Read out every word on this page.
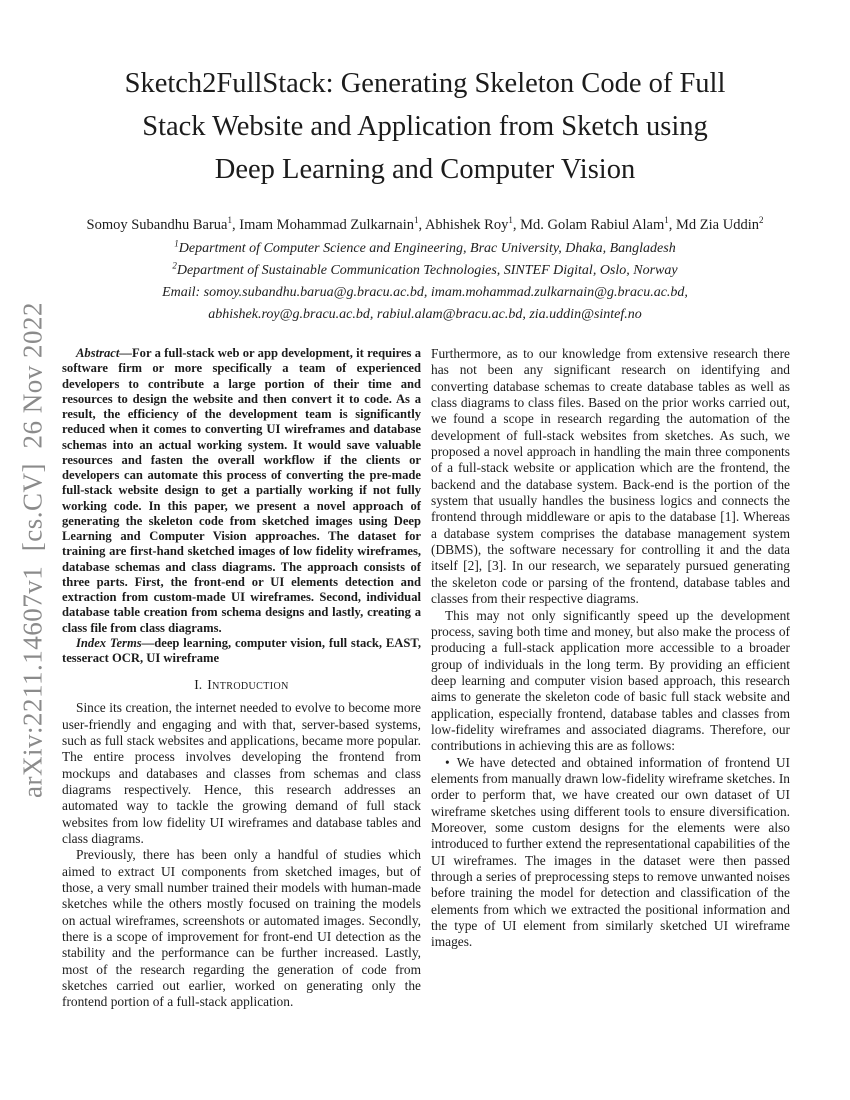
arXiv:2211.14607v1  [cs.CV]  26 Nov 2022
Sketch2FullStack: Generating Skeleton Code of Full
Stack Website and Application from Sketch using
Deep Learning and Computer Vision
Somoy Subandhu Barua$^1$, Imam Mohammad Zulkarnain$^1$, Abhishek Roy$^1$, Md. Golam Rabiul Alam$^1$, Md Zia Uddin$^2$
$^1$Department of Computer Science and Engineering, Brac University, Dhaka, Bangladesh
$^2$Department of Sustainable Communication Technologies, SINTEF Digital, Oslo, Norway
Email: somoy.subandhu.barua@g.bracu.ac.bd, imam.mohammad.zulkarnain@g.bracu.ac.bd,
abhishek.roy@g.bracu.ac.bd, rabiul.alam@bracu.ac.bd, zia.uddin@sintef.no

Abstract—For a full-stack web or app development, it requires a software firm or more specifically a team of experienced developers to contribute a large portion of their time and resources to design the website and then convert it to code. As a result, the efficiency of the development team is significantly reduced when it comes to converting UI wireframes and database schemas into an actual working system. It would save valuable resources and fasten the overall workflow if the clients or developers can automate this process of converting the pre-made full-stack website design to get a partially working if not fully working code. In this paper, we present a novel approach of generating the skeleton code from sketched images using Deep Learning and Computer Vision approaches. The dataset for training are first-hand sketched images of low fidelity wireframes, database schemas and class diagrams. The approach consists of three parts. First, the front-end or UI elements detection and extraction from custom-made UI wireframes. Second, individual database table creation from schema designs and lastly, creating a class file from class diagrams.

Index Terms—deep learning, computer vision, full stack, EAST, tesseract OCR, UI wireframe

I. Introduction

Since its creation, the internet needed to evolve to become more user-friendly and engaging and with that, server-based systems, such as full stack websites and applications, became more popular. The entire process involves developing the frontend from mockups and databases and classes from schemas and class diagrams respectively. Hence, this research addresses an automated way to tackle the growing demand of full stack websites from low fidelity UI wireframes and database tables and class diagrams.

Previously, there has been only a handful of studies which aimed to extract UI components from sketched images, but of those, a very small number trained their models with human-made sketches while the others mostly focused on training the models on actual wireframes, screenshots or automated images. Secondly, there is a scope of improvement for front-end UI detection as the stability and the performance can be further increased. Lastly, most of the research regarding the generation of code from sketches carried out earlier, worked on generating only the frontend portion of a full-stack application.

Furthermore, as to our knowledge from extensive research there has not been any significant research on identifying and converting database schemas to create database tables as well as class diagrams to class files. Based on the prior works carried out, we found a scope in research regarding the automation of the development of full-stack websites from sketches. As such, we proposed a novel approach in handling the main three components of a full-stack website or application which are the frontend, the backend and the database system. Back-end is the portion of the system that usually handles the business logics and connects the frontend through middleware or apis to the database [1]. Whereas a database system comprises the database management system (DBMS), the software necessary for controlling it and the data itself [2], [3]. In our research, we separately pursued generating the skeleton code or parsing of the frontend, database tables and classes from their respective diagrams.

This may not only significantly speed up the development process, saving both time and money, but also make the process of producing a full-stack application more accessible to a broader group of individuals in the long term. By providing an efficient deep learning and computer vision based approach, this research aims to generate the skeleton code of basic full stack website and application, especially frontend, database tables and classes from low-fidelity wireframes and associated diagrams. Therefore, our contributions in achieving this are as follows:

• We have detected and obtained information of frontend UI elements from manually drawn low-fidelity wireframe sketches. In order to perform that, we have created our own dataset of UI wireframe sketches using different tools to ensure diversification. Moreover, some custom designs for the elements were also introduced to further extend the representational capabilities of the UI wireframes. The images in the dataset were then passed through a series of preprocessing steps to remove unwanted noises before training the model for detection and classification of the elements from which we extracted the positional information and the type of UI element from similarly sketched UI wireframe images.
